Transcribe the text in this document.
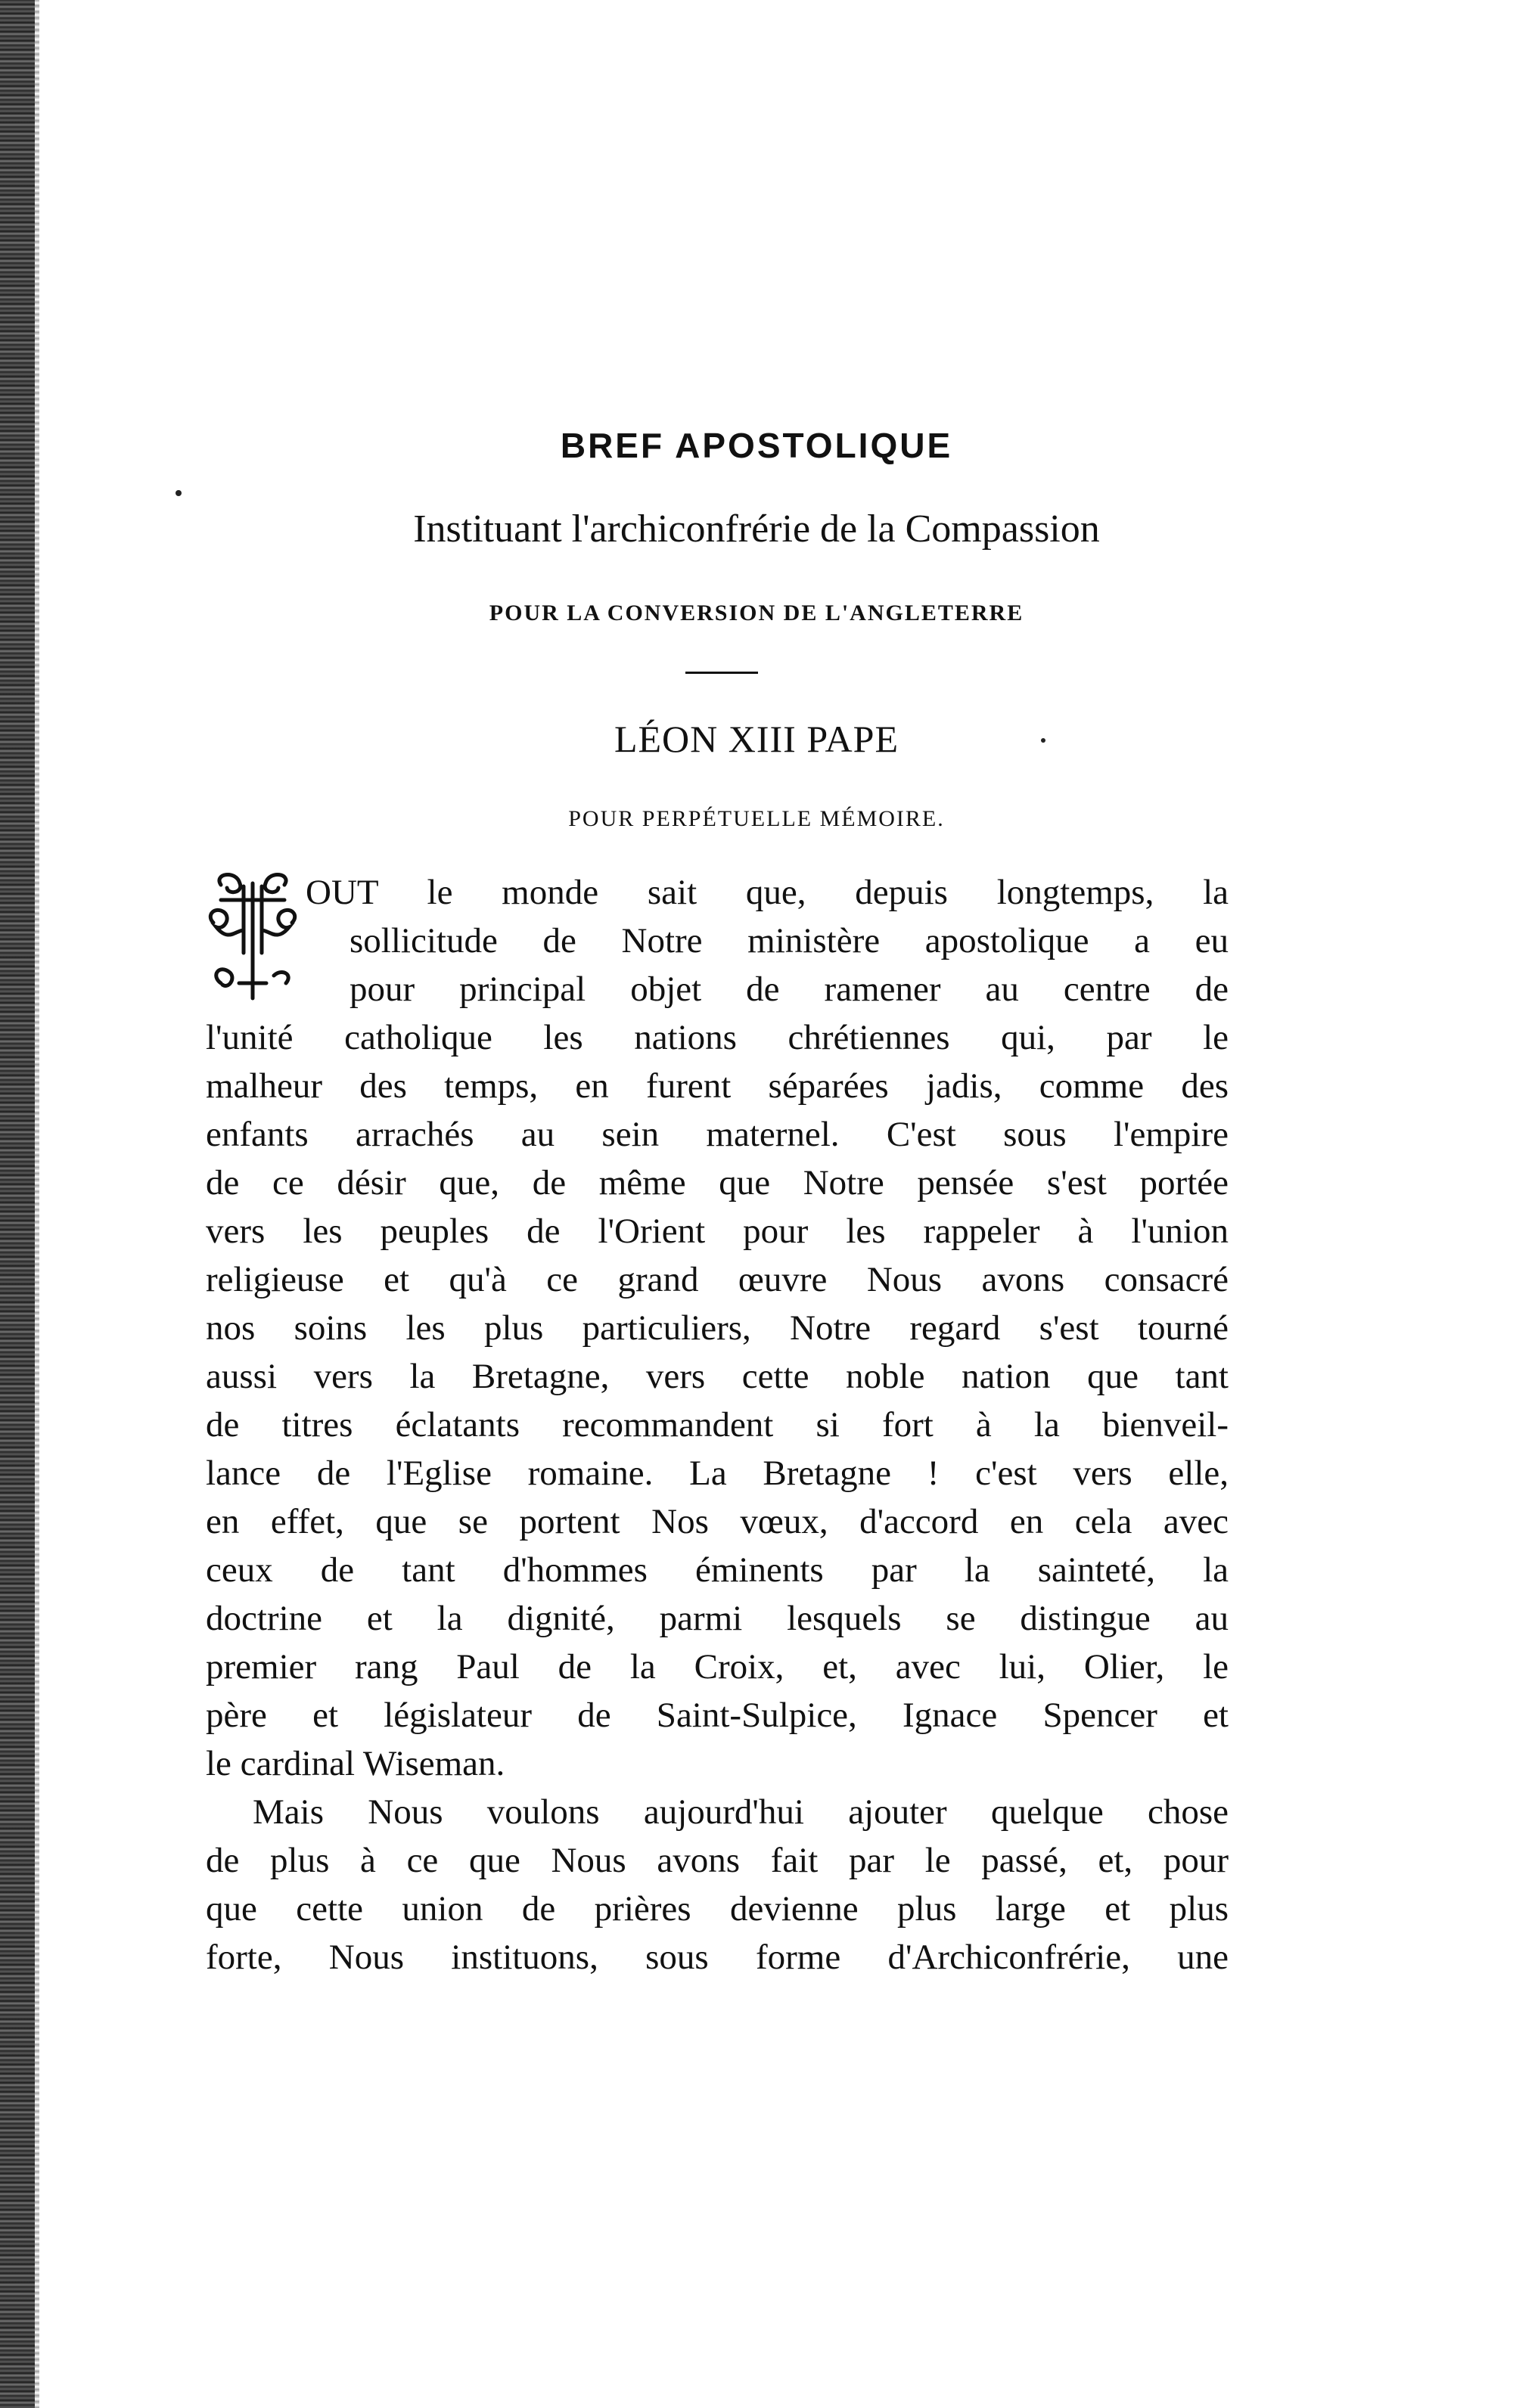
BREF APOSTOLIQUE
Instituant l'archiconfrérie de la Compassion
POUR LA CONVERSION DE L'ANGLETERRE
LÉON XIII PAPE
POUR PERPÉTUELLE MÉMOIRE.
OUT le monde sait que, depuis longtemps, la
sollicitude de Notre ministère apostolique a eu
pour principal objet de ramener au centre de
l'unité catholique les nations chrétiennes qui, par le
malheur des temps, en furent séparées jadis, comme des
enfants arrachés au sein maternel. C'est sous l'empire
de ce désir que, de même que Notre pensée s'est portée
vers les peuples de l'Orient pour les rappeler à l'union
religieuse et qu'à ce grand œuvre Nous avons consacré
nos soins les plus particuliers, Notre regard s'est tourné
aussi vers la Bretagne, vers cette noble nation que tant
de titres éclatants recommandent si fort à la bienveil-
lance de l'Eglise romaine. La Bretagne ! c'est vers elle,
en effet, que se portent Nos vœux, d'accord en cela avec
ceux de tant d'hommes éminents par la sainteté, la
doctrine et la dignité, parmi lesquels se distingue au
premier rang Paul de la Croix, et, avec lui, Olier, le
père et législateur de Saint-Sulpice, Ignace Spencer et
le cardinal Wiseman.
Mais Nous voulons aujourd'hui ajouter quelque chose
de plus à ce que Nous avons fait par le passé, et, pour
que cette union de prières devienne plus large et plus
forte, Nous instituons, sous forme d'Archiconfrérie, une
